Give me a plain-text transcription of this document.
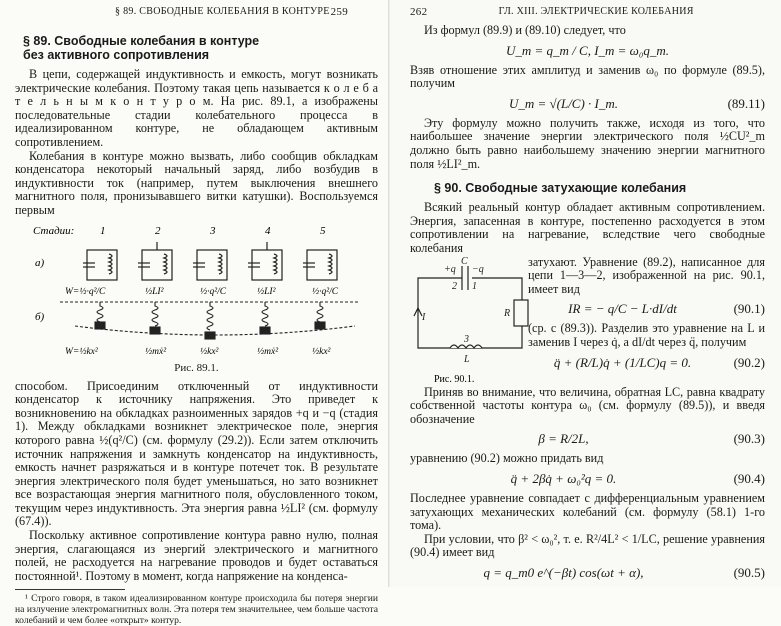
§ 89. СВОБОДНЫЕ КОЛЕБАНИЯ В КОНТУРЕ 259
§ 89. Свободные колебания в контуре без активного сопротивления

В цепи, содержащей индуктивность и емкость, могут возникать электрические колебания. Поэтому такая цепь называется к о л е б а т е л ь н ы м к о н т у р о м. На рис. 89.1, а изображены последовательные стадии колебательного процесса в идеализированном контуре, не обладающем активным сопротивлением.

Колебания в контуре можно вызвать, либо сообщив обкладкам конденсатора некоторый начальный заряд, либо возбудив в индуктивности ток (например, путем выключения внешнего магнитного поля, пронизывавшего витки катушки). Воспользуемся первым

Стадии: 1	2	3	4	5
а)
б)
W=½·q²/C	½LI²	½·q²/C	½LI²	½·q²/C
W=½kx²	½mẋ²	½kx²	½mẋ²	½kx²
Рис. 89.1.

способом. Присоединим отключенный от индуктивности конденсатор к источнику напряжения. Это приведет к возникновению на обкладках разноименных зарядов +q и −q (стадия 1). Между обкладками возникнет электрическое поле, энергия которого равна ½(q²/C) (см. формулу (29.2)). Если затем отключить источник напряжения и замкнуть конденсатор на индуктивность, емкость начнет разряжаться и в контуре потечет ток. В результате энергия электрического поля будет уменьшаться, но зато возникнет все возрастающая энергия магнитного поля, обусловленного током, текущим через индуктивность. Эта энергия равна ½LI² (см. формулу (67.4)).

Поскольку активное сопротивление контура равно нулю, полная энергия, слагающаяся из энергий электрического и магнитного полей, не расходуется на нагревание проводов и будет оставаться постоянной¹. Поэтому в момент, когда напряжение на конденса-

¹ Строго говоря, в таком идеализированном контуре происходила бы потеря энергии на излучение электромагнитных волн. Эта потеря тем значительнее, чем больше частота колебаний и чем более «открыт» контур.
262	ГЛ. XIII. ЭЛЕКТРИЧЕСКИЕ КОЛЕБАНИЯ

Из формул (89.9) и (89.10) следует, что

U_m = q_m / C, I_m = ω₀q_m.

Взяв отношение этих амплитуд и заменив ω₀ по формуле (89.5), получим

U_m = √(L/C) · I_m.	(89.11)

Эту формулу можно получить также, исходя из того, что наибольшее значение энергии электрического поля ½CU²_m должно быть равно наибольшему значению энергии магнитного поля ½LI²_m.

§ 90. Свободные затухающие колебания

Всякий реальный контур обладает активным сопротивлением. Энергия, запасенная в контуре, постепенно расходуется в этом сопротивлении на нагревание, вследствие чего свободные колебания

C
+q −q
2 1
R
I
3
L
Рис. 90.1.

затухают. Уравнение (89.2), написанное для цепи 1—3—2, изображенной на рис. 90.1, имеет вид

IR = − q/C − L·dI/dt	(90.1)

(ср. с (89.3)). Разделив это уравнение на L и заменив I через q̇, а dI/dt через q̈, получим

q̈ + (R/L)q̇ + (1/LC)q = 0.	(90.2)

Приняв во внимание, что величина, обратная LC, равна квадрату собственной частоты контура ω₀ (см. формулу (89.5)), и введя обозначение

β = R/2L,	(90.3)

уравнению (90.2) можно придать вид

q̈ + 2βq̇ + ω₀²q = 0.	(90.4)

Последнее уравнение совпадает с дифференциальным уравнением затухающих механических колебаний (см. формулу (58.1) 1-го тома).

При условии, что β² < ω₀², т. е. R²/4L² < 1/LC, решение уравнения (90.4) имеет вид

q = q_m0 e^(−βt) cos(ωt + α),	(90.5)
